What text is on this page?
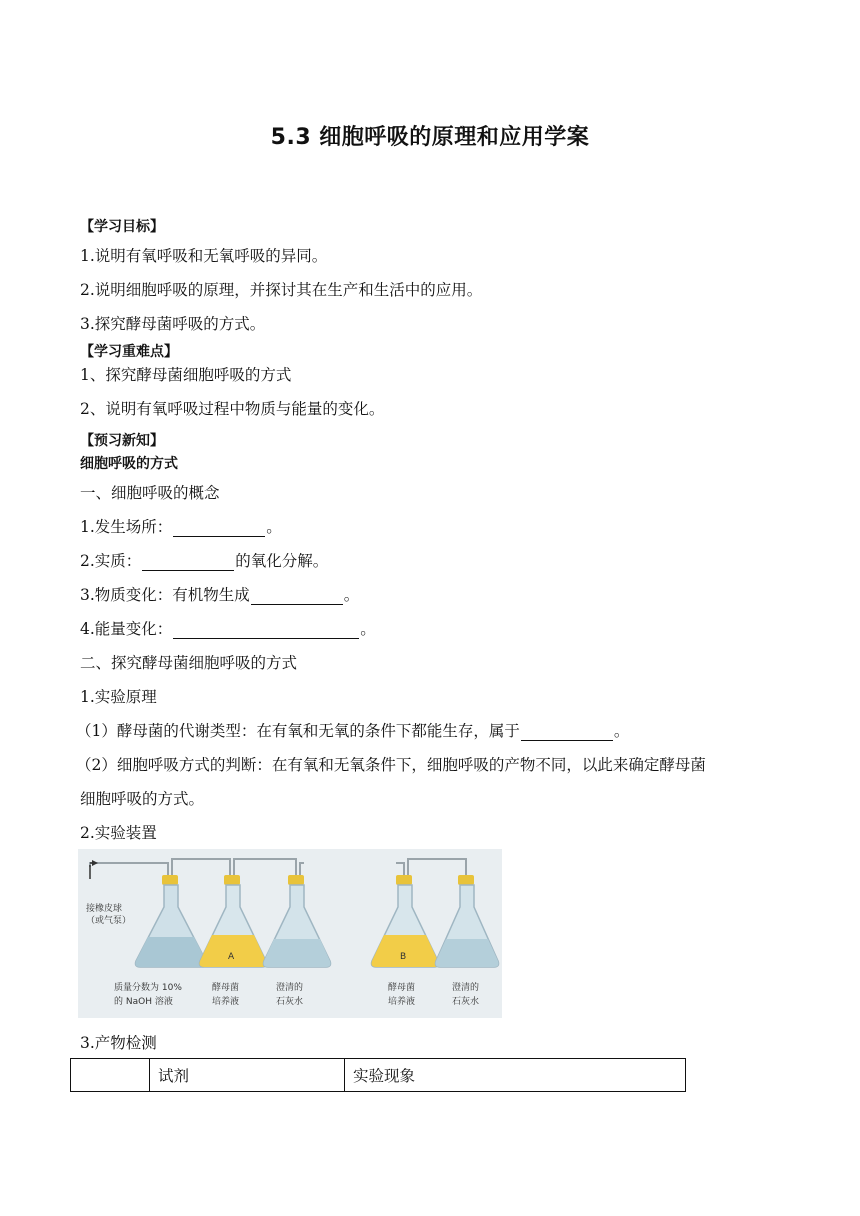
5.3 细胞呼吸的原理和应用学案
【学习目标】
1.说明有氧呼吸和无氧呼吸的异同。
2.说明细胞呼吸的原理，并探讨其在生产和生活中的应用。
3.探究酵母菌呼吸的方式。
【学习重难点】
1、探究酵母菌细胞呼吸的方式
2、说明有氧呼吸过程中物质与能量的变化。
【预习新知】
细胞呼吸的方式
一、细胞呼吸的概念
1.发生场所：	。
2.实质：	的氧化分解。
3.物质变化：有机物生成	。
4.能量变化：	。
二、探究酵母菌细胞呼吸的方式
1.实验原理
（1）酵母菌的代谢类型：在有氧和无氧的条件下都能生存，属于	。
（2）细胞呼吸方式的判断：在有氧和无氧条件下，细胞呼吸的产物不同，以此来确定酵母菌
细胞呼吸的方式。
2.实验装置
接橡皮球
（或气泵）
A	B
质量分数为 10%
的 NaOH 溶液
酵母菌
培养液
澄清的
石灰水
酵母菌
培养液
澄清的
石灰水
3.产物检测
	试剂	实验现象
